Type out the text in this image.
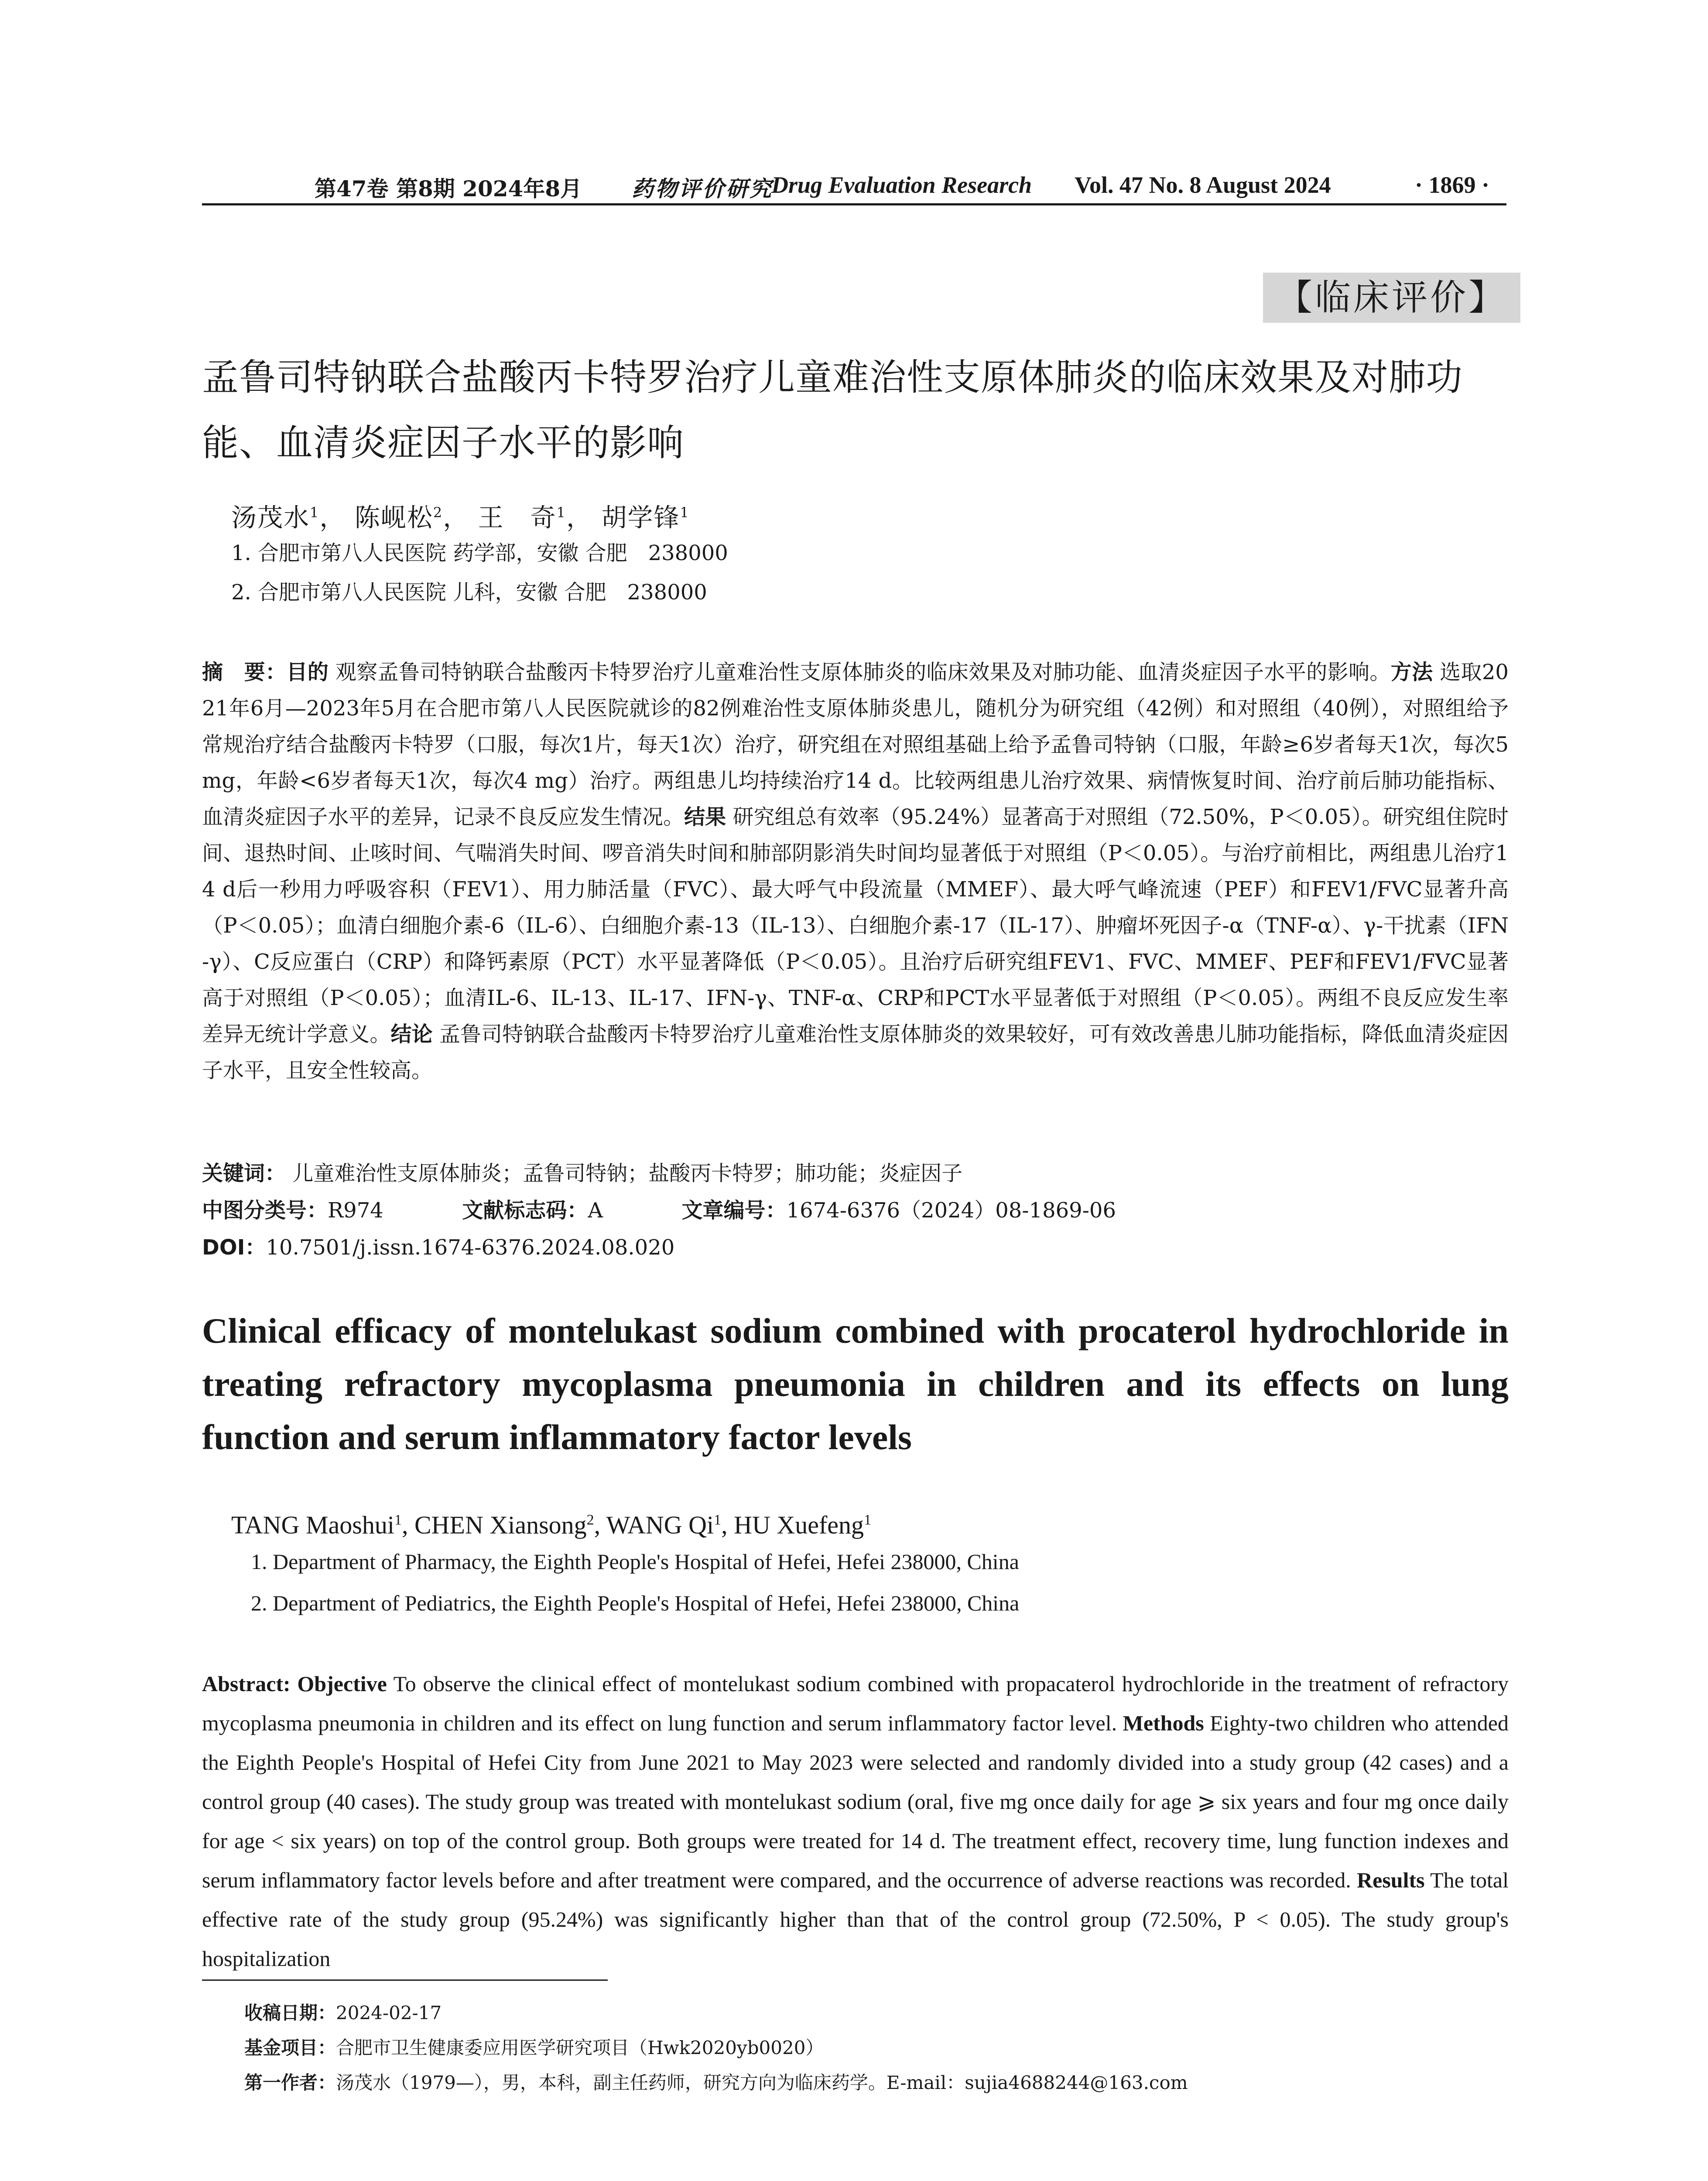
第47卷 第8期 2024年8月 药物评价研究
Drug Evaluation Research Vol. 47 No. 8 August 2024	· 1869 ·
【临床评价】
孟鲁司特钠联合盐酸丙卡特罗治疗儿童难治性支原体肺炎的临床效果及对肺功能、血清炎症因子水平的影响
汤茂水$^1$， 陈岘松$^2$， 王　奇$^1$， 胡学锋$^1$
1. 合肥市第八人民医院 药学部，安徽 合肥　238000
2. 合肥市第八人民医院 儿科，安徽 合肥　238000

摘　要：目的 观察孟鲁司特钠联合盐酸丙卡特罗治疗儿童难治性支原体肺炎的临床效果及对肺功能、血清炎症因子水平的影响。方法 选取2021年6月—2023年5月在合肥市第八人民医院就诊的82例难治性支原体肺炎患儿，随机分为研究组（42例）和对照组（40例），对照组给予常规治疗结合盐酸丙卡特罗（口服，每次1片，每天1次）治疗，研究组在对照组基础上给予孟鲁司特钠（口服，年龄≥6岁者每天1次，每次5 mg，年龄<6岁者每天1次，每次4 mg）治疗。两组患儿均持续治疗14 d。比较两组患儿治疗效果、病情恢复时间、治疗前后肺功能指标、血清炎症因子水平的差异，记录不良反应发生情况。结果 研究组总有效率（95.24%）显著高于对照组（72.50%，P＜0.05）。研究组住院时间、退热时间、止咳时间、气喘消失时间、啰音消失时间和肺部阴影消失时间均显著低于对照组（P＜0.05）。与治疗前相比，两组患儿治疗14 d后一秒用力呼吸容积（FEV1）、用力肺活量（FVC）、最大呼气中段流量（MMEF）、最大呼气峰流速（PEF）和FEV1/FVC显著升高（P＜0.05）；血清白细胞介素-6（IL-6）、白细胞介素-13（IL-13）、白细胞介素-17（IL-17）、肿瘤坏死因子-α（TNF-α）、γ-干扰素（IFN-γ）、C反应蛋白（CRP）和降钙素原（PCT）水平显著降低（P＜0.05）。且治疗后研究组FEV1、FVC、MMEF、PEF和FEV1/FVC显著高于对照组（P＜0.05）；血清IL-6、IL-13、IL-17、IFN-γ、TNF-α、CRP和PCT水平显著低于对照组（P＜0.05）。两组不良反应发生率差异无统计学意义。结论 孟鲁司特钠联合盐酸丙卡特罗治疗儿童难治性支原体肺炎的效果较好，可有效改善患儿肺功能指标，降低血清炎症因子水平，且安全性较高。

关键词： 儿童难治性支原体肺炎；孟鲁司特钠；盐酸丙卡特罗；肺功能；炎症因子
中图分类号：R974	文献标志码：A	文章编号：1674-6376（2024）08-1869-06
DOI：10.7501/j.issn.1674-6376.2024.08.020
Clinical efficacy of montelukast sodium combined with procaterol hydrochloride in treating refractory mycoplasma pneumonia in children and its effects on lung function and serum inflammatory factor levels
TANG Maoshui$^1$, CHEN Xiansong$^2$, WANG Qi$^1$, HU Xuefeng$^1$
1. Department of Pharmacy, the Eighth People's Hospital of Hefei, Hefei 238000, China
2. Department of Pediatrics, the Eighth People's Hospital of Hefei, Hefei 238000, China

Abstract: Objective To observe the clinical effect of montelukast sodium combined with propacaterol hydrochloride in the treatment of refractory mycoplasma pneumonia in children and its effect on lung function and serum inflammatory factor level. Methods Eighty-two children who attended the Eighth People's Hospital of Hefei City from June 2021 to May 2023 were selected and randomly divided into a study group (42 cases) and a control group (40 cases). The study group was treated with montelukast sodium (oral, five mg once daily for age ⩾ six years and four mg once daily for age < six years) on top of the control group. Both groups were treated for 14 d. The treatment effect, recovery time, lung function indexes and serum inflammatory factor levels before and after treatment were compared, and the occurrence of adverse reactions was recorded. Results The total effective rate of the study group (95.24%) was significantly higher than that of the control group (72.50%, P < 0.05). The study group's hospitalization

收稿日期：2024-02-17
基金项目：合肥市卫生健康委应用医学研究项目（Hwk2020yb0020）
第一作者：汤茂水（1979—），男，本科，副主任药师，研究方向为临床药学。E-mail：sujia4688244@163.com
